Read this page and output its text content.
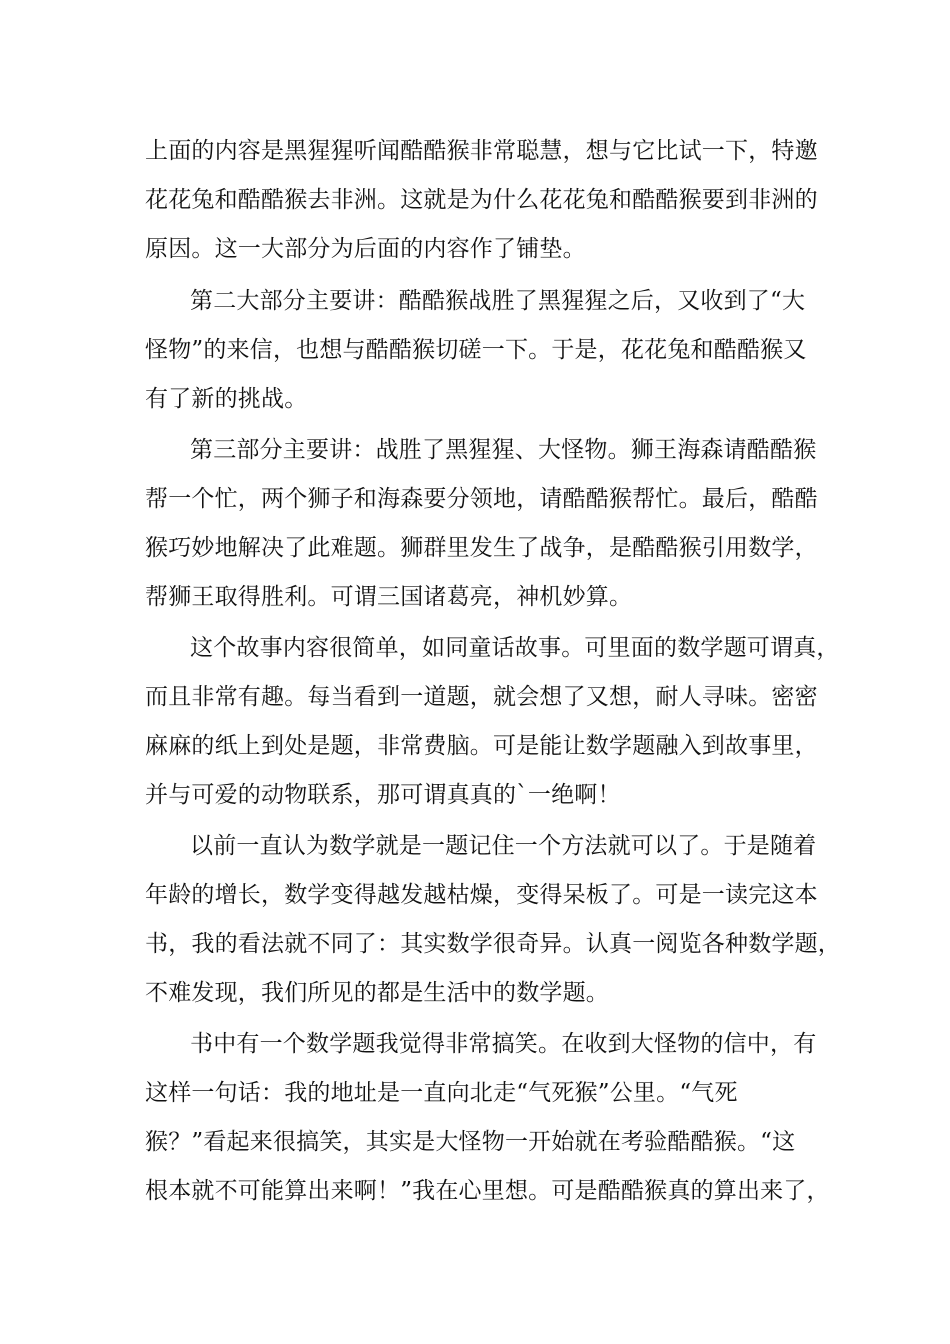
上面的内容是黑猩猩听闻酷酷猴非常聪慧，想与它比试一下，特邀
花花兔和酷酷猴去非洲。这就是为什么花花兔和酷酷猴要到非洲的
原因。这一大部分为后面的内容作了铺垫。
第二大部分主要讲：酷酷猴战胜了黑猩猩之后，又收到了“大
怪物”的来信，也想与酷酷猴切磋一下。于是，花花兔和酷酷猴又
有了新的挑战。
第三部分主要讲：战胜了黑猩猩、大怪物。狮王海森请酷酷猴
帮一个忙，两个狮子和海森要分领地，请酷酷猴帮忙。最后，酷酷
猴巧妙地解决了此难题。狮群里发生了战争，是酷酷猴引用数学，
帮狮王取得胜利。可谓三国诸葛亮，神机妙算。
这个故事内容很简单，如同童话故事。可里面的数学题可谓真，
而且非常有趣。每当看到一道题，就会想了又想，耐人寻味。密密
麻麻的纸上到处是题，非常费脑。可是能让数学题融入到故事里，
并与可爱的动物联系，那可谓真真的`一绝啊！
以前一直认为数学就是一题记住一个方法就可以了。于是随着
年龄的增长，数学变得越发越枯燥，变得呆板了。可是一读完这本
书，我的看法就不同了：其实数学很奇异。认真一阅览各种数学题，
不难发现，我们所见的都是生活中的数学题。
书中有一个数学题我觉得非常搞笑。在收到大怪物的信中，有
这样一句话：我的地址是一直向北走“气死猴”公里。“气死
猴？”看起来很搞笑，其实是大怪物一开始就在考验酷酷猴。“这
根本就不可能算出来啊！”我在心里想。可是酷酷猴真的算出来了，
